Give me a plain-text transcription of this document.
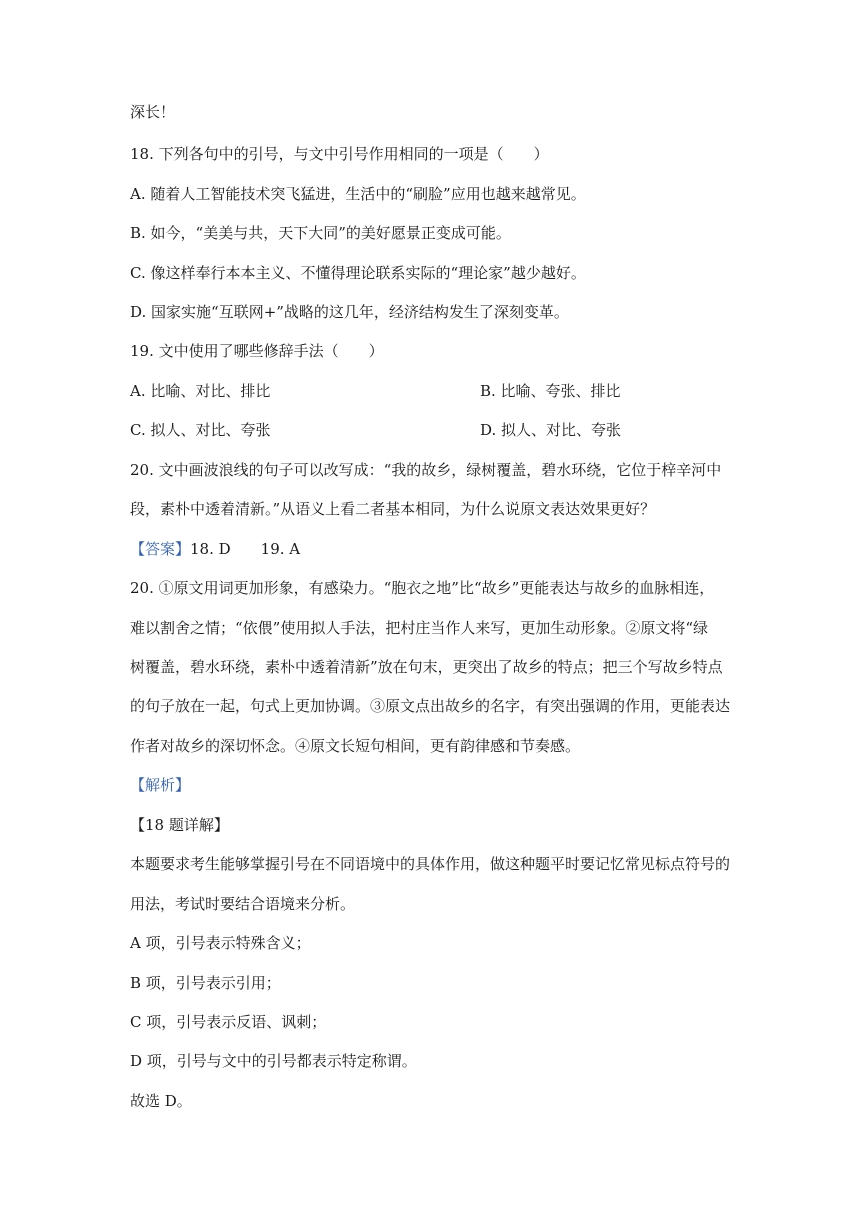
深长！
18. 下列各句中的引号，与文中引号作用相同的一项是（　　）
A. 随着人工智能技术突飞猛进，生活中的“刷脸”应用也越来越常见。
B. 如今，“美美与共，天下大同”的美好愿景正变成可能。
C. 像这样奉行本本主义、不懂得理论联系实际的“理论家”越少越好。
D. 国家实施“互联网+”战略的这几年，经济结构发生了深刻变革。
19. 文中使用了哪些修辞手法（　　）
A. 比喻、对比、排比	B. 比喻、夸张、排比
C. 拟人、对比、夸张	D. 拟人、对比、夸张
20. 文中画波浪线的句子可以改写成：“我的故乡，绿树覆盖，碧水环绕，它位于梓辛河中
段，素朴中透着清新。”从语义上看二者基本相同，为什么说原文表达效果更好？
【答案】18. D　　19. A
20. ①原文用词更加形象，有感染力。“胞衣之地”比“故乡”更能表达与故乡的血脉相连，
难以割舍之情；“依偎”使用拟人手法，把村庄当作人来写，更加生动形象。②原文将“绿
树覆盖，碧水环绕，素朴中透着清新”放在句末，更突出了故乡的特点；把三个写故乡特点
的句子放在一起，句式上更加协调。③原文点出故乡的名字，有突出强调的作用，更能表达
作者对故乡的深切怀念。④原文长短句相间，更有韵律感和节奏感。
【解析】
【18 题详解】
本题要求考生能够掌握引号在不同语境中的具体作用，做这种题平时要记忆常见标点符号的
用法，考试时要结合语境来分析。
A 项，引号表示特殊含义；
B 项，引号表示引用；
C 项，引号表示反语、讽刺；
D 项，引号与文中的引号都表示特定称谓。
故选 D。
